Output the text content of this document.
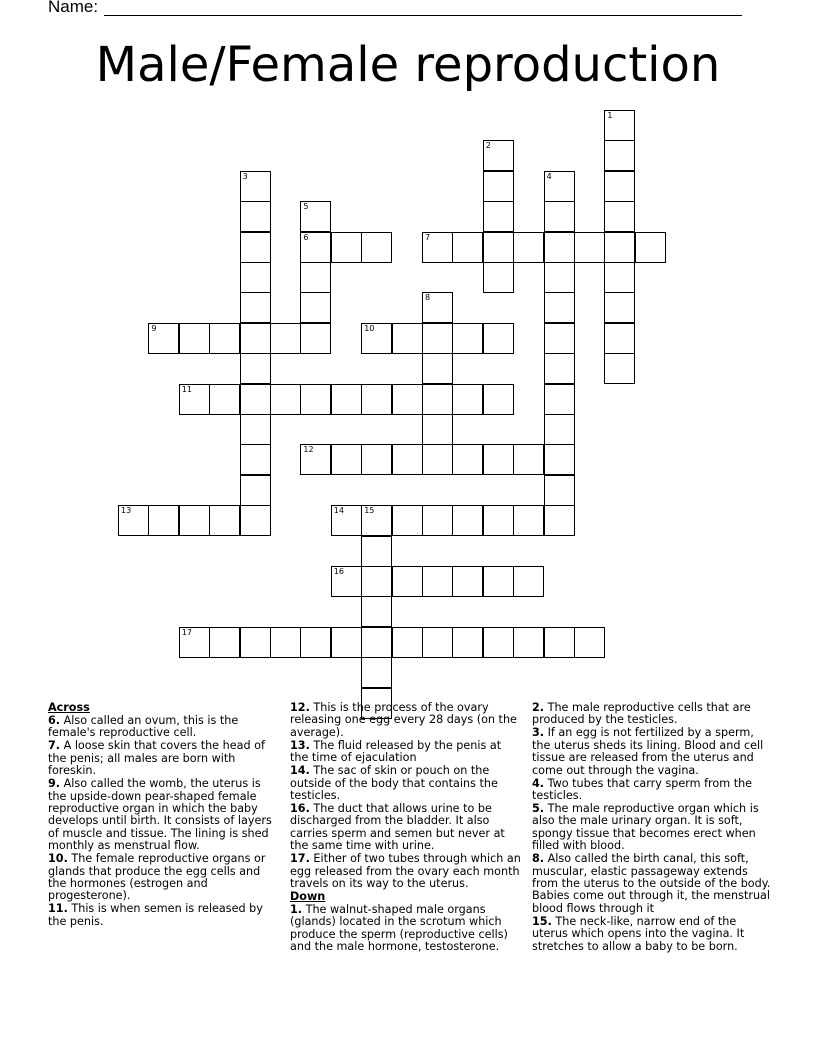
Name:
Male/Female reproduction
1
2
3	4
5
6	7
8
9	10
11
12
13	14	15
16
17

Across

6. Also called an ovum, this is the female's reproductive cell.

7. A loose skin that covers the head of the penis; all males are born with foreskin.

9. Also called the womb, the uterus is the upside-down pear-shaped female reproductive organ in which the baby develops until birth. It consists of layers of muscle and tissue. The lining is shed monthly as menstrual flow.

10. The female reproductive organs or glands that produce the egg cells and the hormones (estrogen and progesterone).

11. This is when semen is released by the penis.

12. This is the process of the ovary releasing one egg every 28 days (on the average).

13. The fluid released by the penis at the time of ejaculation

14. The sac of skin or pouch on the outside of the body that contains the testicles.

16. The duct that allows urine to be discharged from the bladder. It also carries sperm and semen but never at the same time with urine.

17. Either of two tubes through which an egg released from the ovary each month travels on its way to the uterus.

Down

1. The walnut-shaped male organs (glands) located in the scrotum which produce the sperm (reproductive cells) and the male hormone, testosterone.

2. The male reproductive cells that are produced by the testicles.

3. If an egg is not fertilized by a sperm, the uterus sheds its lining. Blood and cell tissue are released from the uterus and come out through the vagina.

4. Two tubes that carry sperm from the testicles.

5. The male reproductive organ which is also the male urinary organ. It is soft, spongy tissue that becomes erect when filled with blood.

8. Also called the birth canal, this soft, muscular, elastic passageway extends from the uterus to the outside of the body. Babies come out through it, the menstrual blood flows through it

15. The neck-like, narrow end of the uterus which opens into the vagina. It stretches to allow a baby to be born.
